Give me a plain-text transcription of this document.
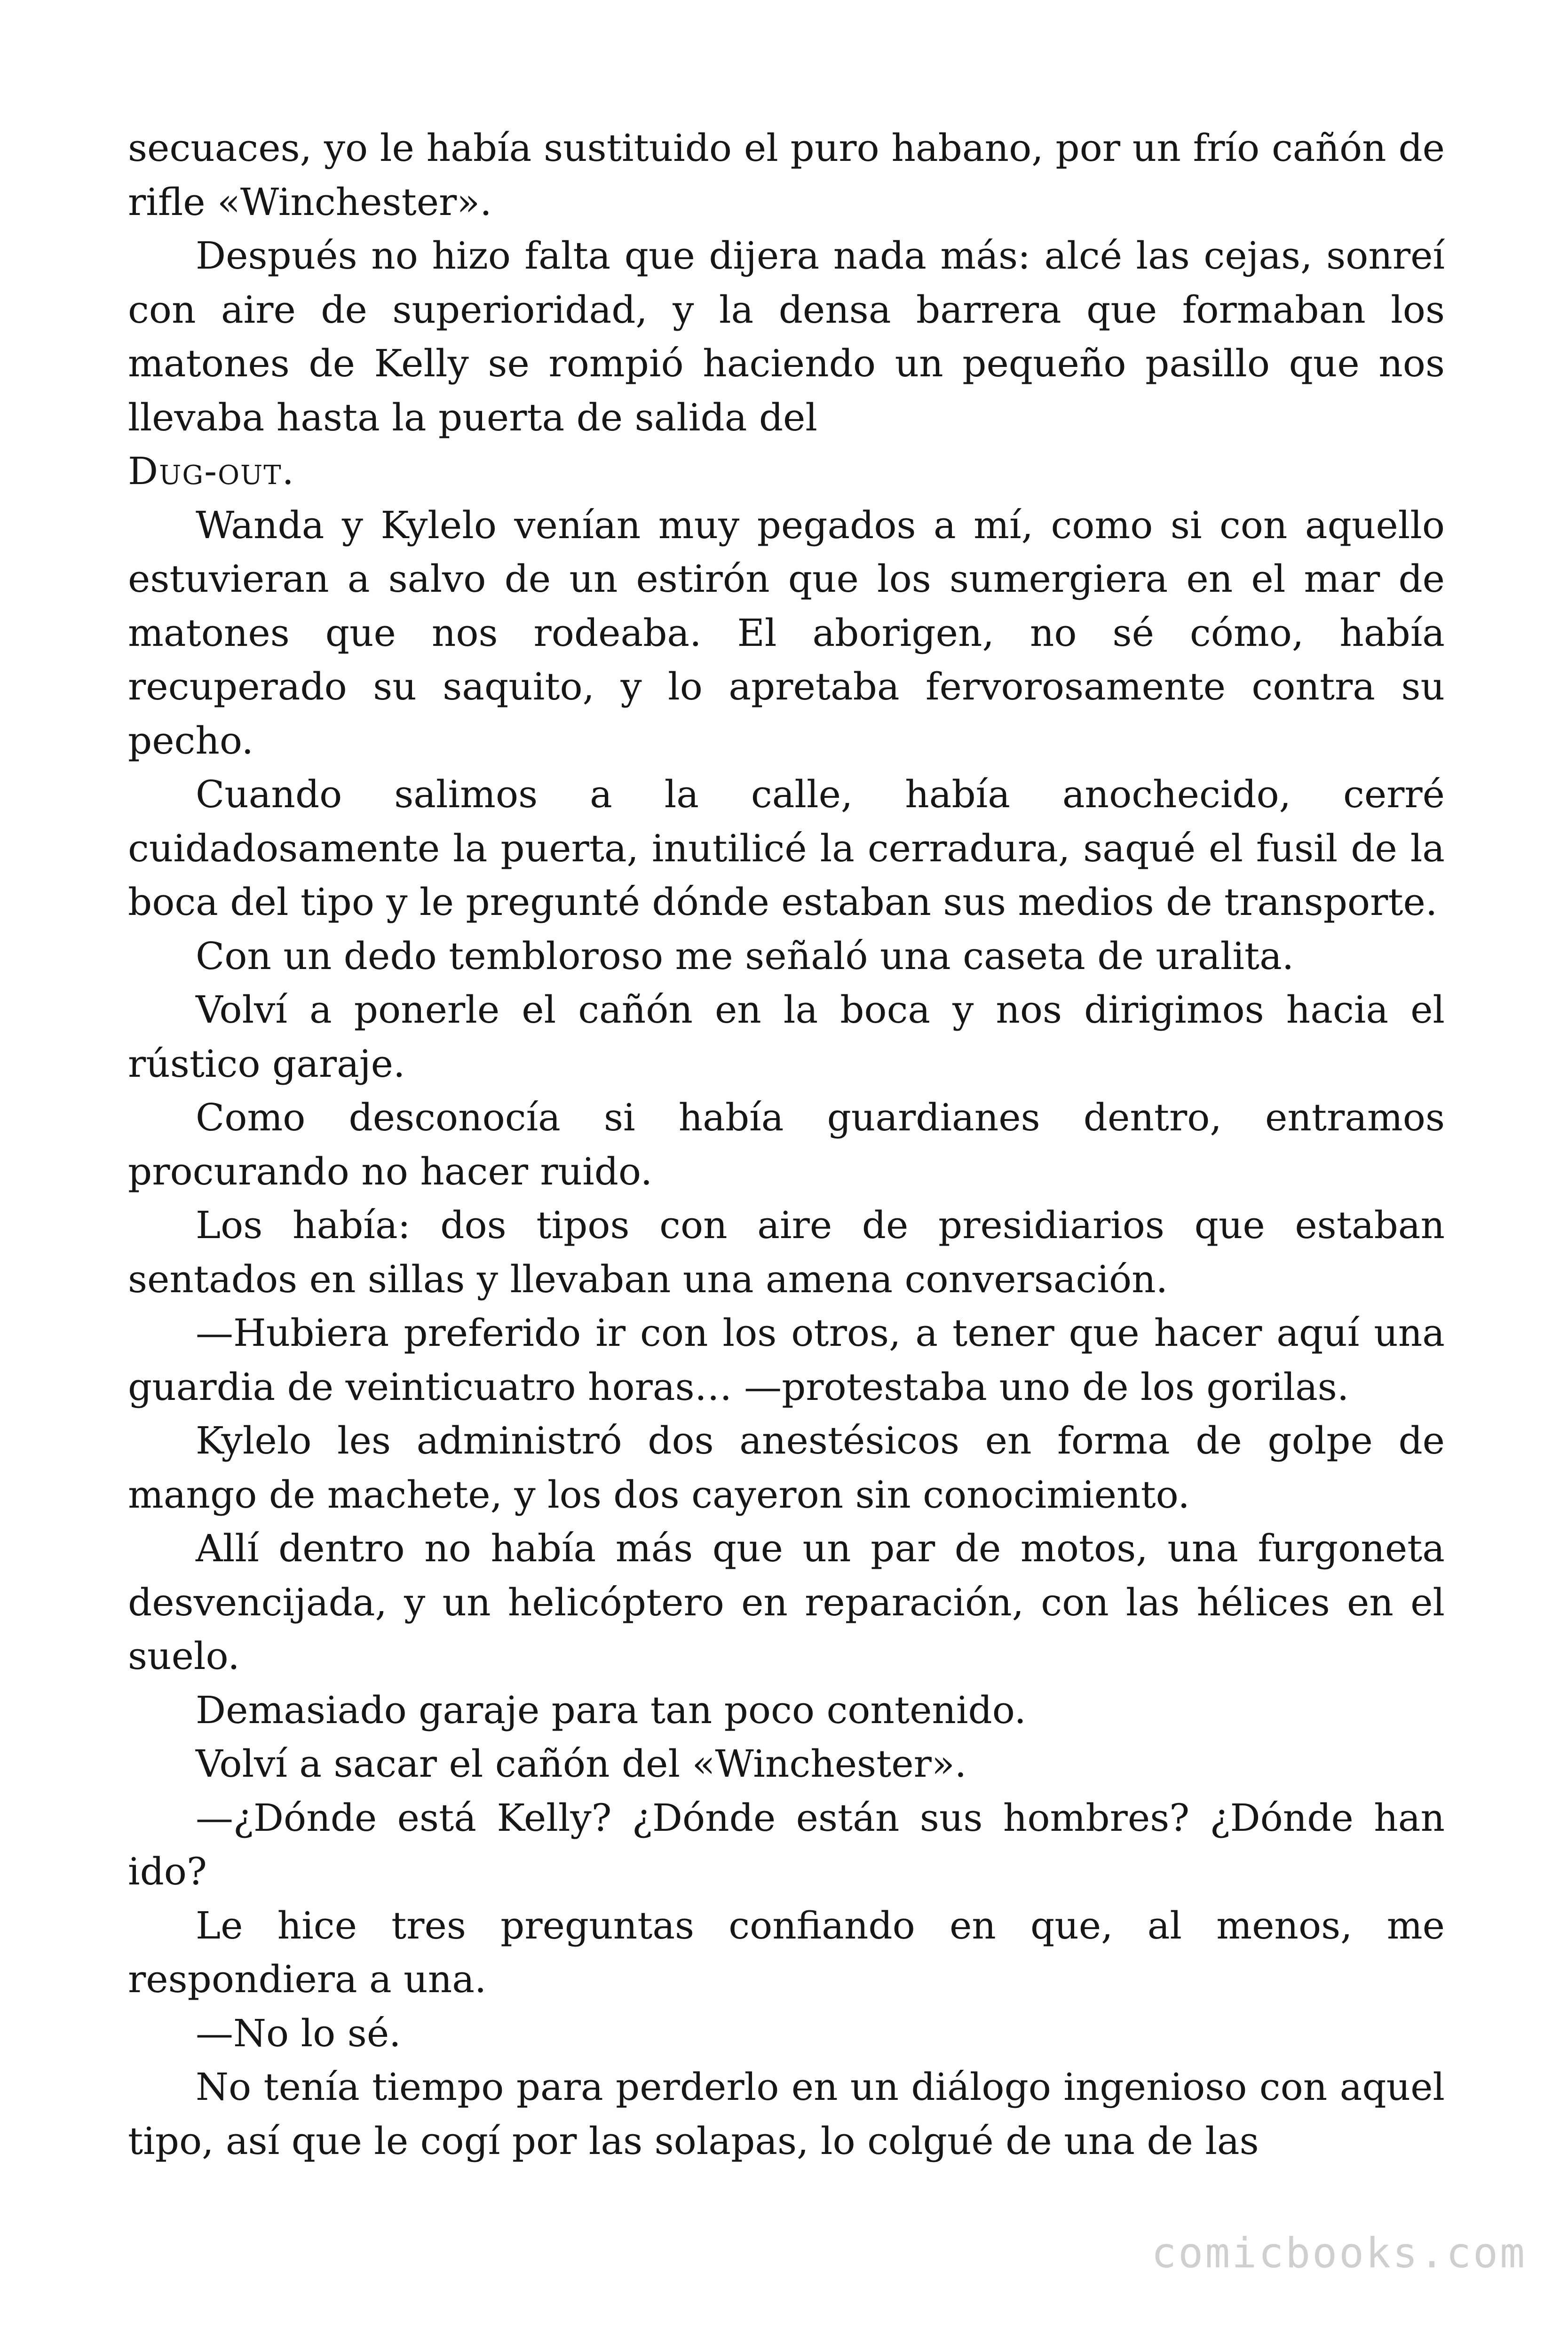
secuaces, yo le había sustituido el puro habano, por un frío cañón de rifle «Winchester».

Después no hizo falta que dijera nada más: alcé las cejas, sonreí con aire de superioridad, y la densa barrera que formaban los matones de Kelly se rompió haciendo un pequeño pasillo que nos llevaba hasta la puerta de salida del

Dug-out.

Wanda y Kylelo venían muy pegados a mí, como si con aquello estuvieran a salvo de un estirón que los sumergiera en el mar de matones que nos rodeaba. El aborigen, no sé cómo, había recuperado su saquito, y lo apretaba fervorosamente contra su pecho.

Cuando salimos a la calle, había anochecido, cerré cuidadosamente la puerta, inutilicé la cerradura, saqué el fusil de la boca del tipo y le pregunté dónde estaban sus medios de transporte.

Con un dedo tembloroso me señaló una caseta de uralita.

Volví a ponerle el cañón en la boca y nos dirigimos hacia el rústico garaje.

Como desconocía si había guardianes dentro, entramos procurando no hacer ruido.

Los había: dos tipos con aire de presidiarios que estaban sentados en sillas y llevaban una amena conversación.

—Hubiera preferido ir con los otros, a tener que hacer aquí una guardia de veinticuatro horas… —protestaba uno de los gorilas.

Kylelo les administró dos anestésicos en forma de golpe de mango de machete, y los dos cayeron sin conocimiento.

Allí dentro no había más que un par de motos, una furgoneta desvencijada, y un helicóptero en reparación, con las hélices en el suelo.

Demasiado garaje para tan poco contenido.

Volví a sacar el cañón del «Winchester».

—¿Dónde está Kelly? ¿Dónde están sus hombres? ¿Dónde han ido?

Le hice tres preguntas confiando en que, al menos, me respondiera a una.

—No lo sé.

No tenía tiempo para perderlo en un diálogo ingenioso con aquel tipo, así que le cogí por las solapas, lo colgué de una de las

comicbooks.com
